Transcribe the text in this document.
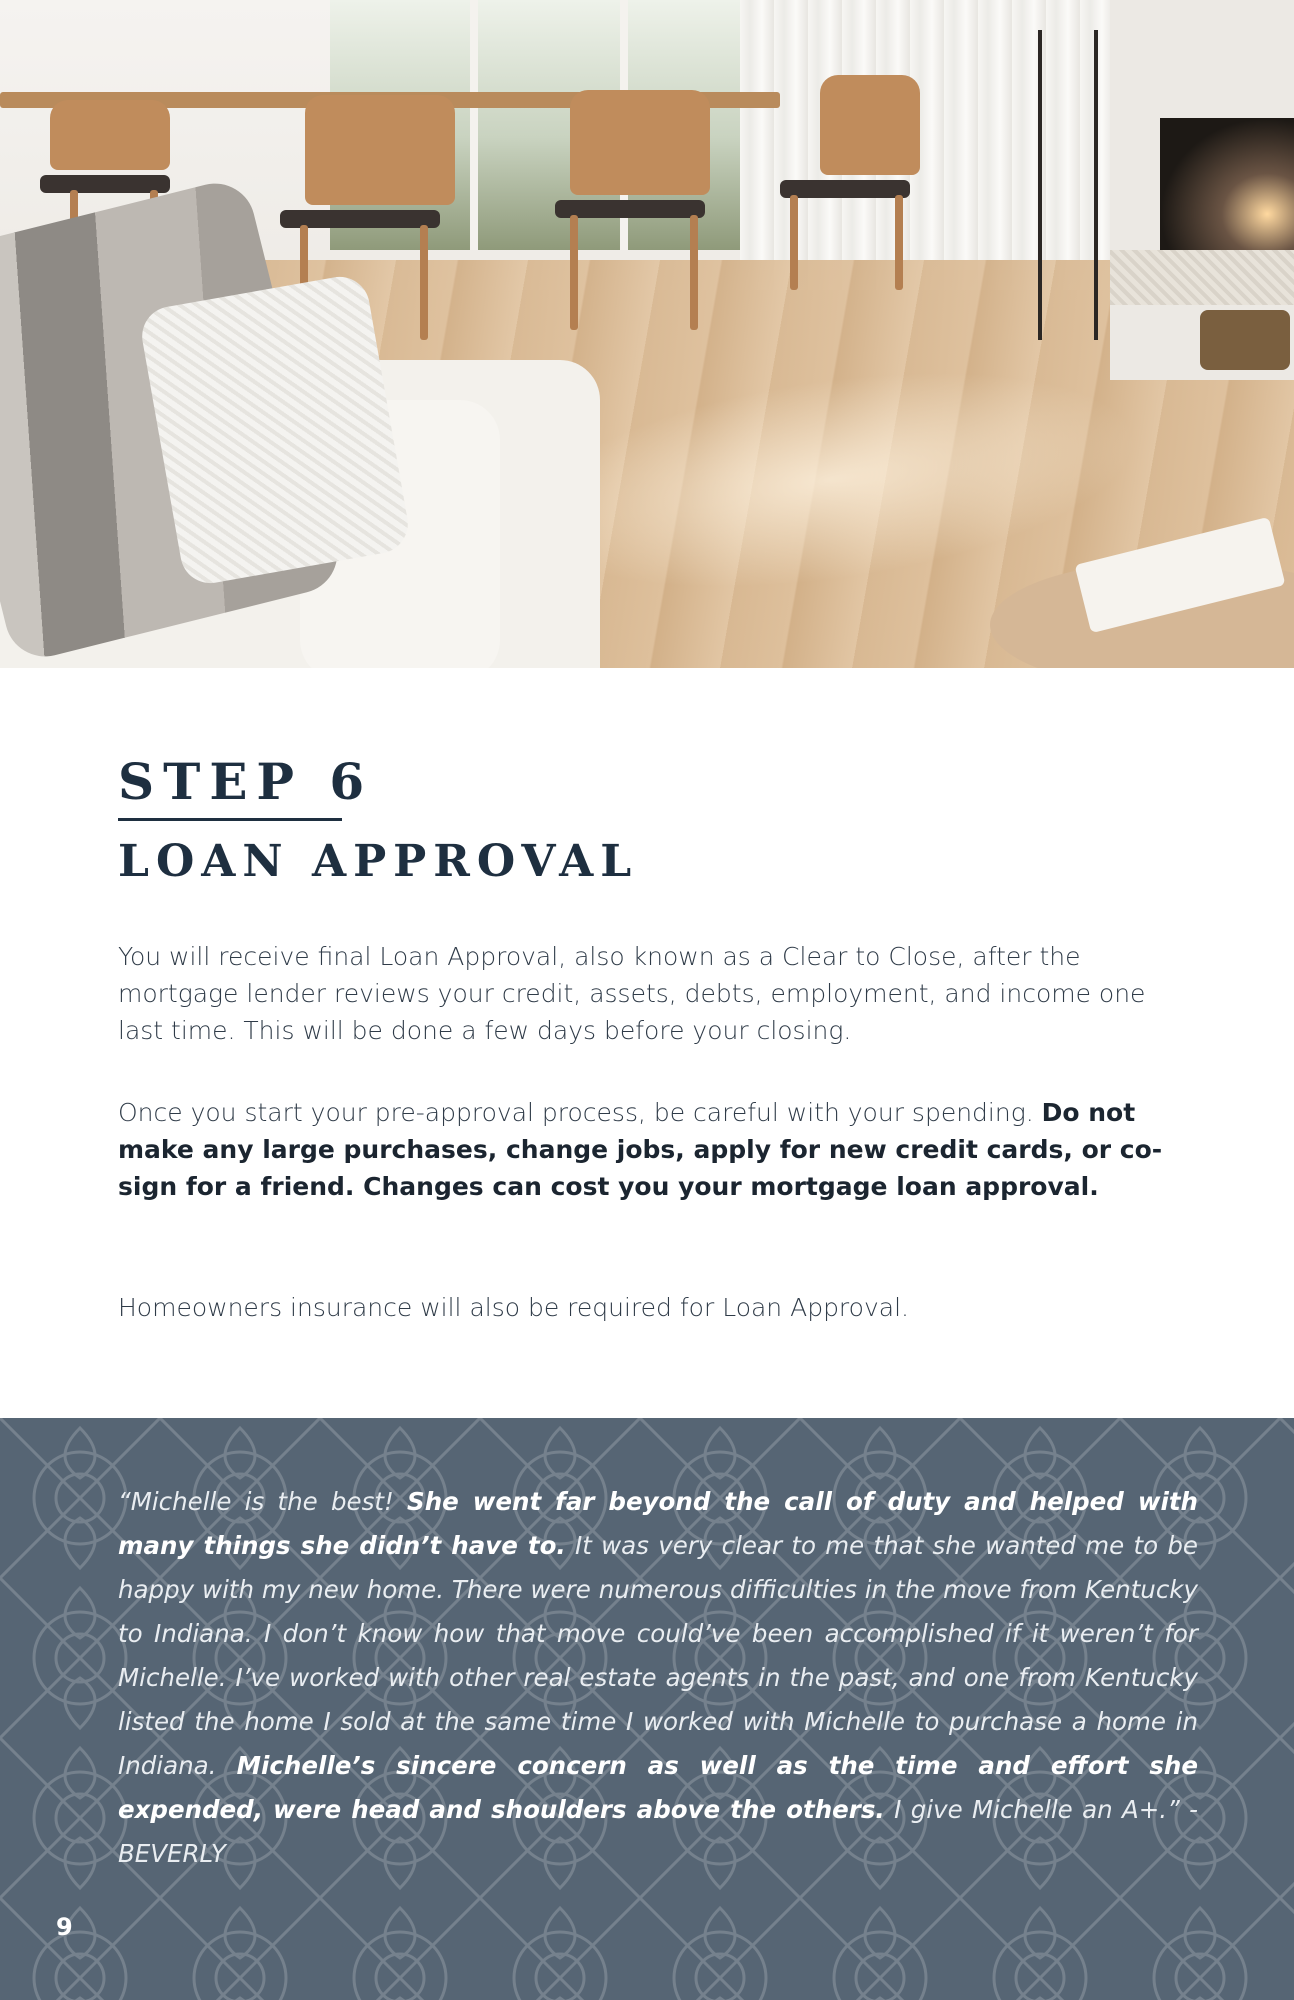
STEP 6
LOAN APPROVAL

You will receive final Loan Approval, also known as a Clear to Close, after the mortgage lender reviews your credit, assets, debts, employment, and income one last time. This will be done a few days before your closing.

Once you start your pre-approval process, be careful with your spending. Do not make any large purchases, change jobs, apply for new credit cards, or co-sign for a friend. Changes can cost you your mortgage loan approval.

Homeowners insurance will also be required for Loan Approval.

“Michelle is the best! She went far beyond the call of duty and helped with many things she didn’t have to. It was very clear to me that she wanted me to be happy with my new home. There were numerous difficulties in the move from Kentucky to Indiana. I don’t know how that move could’ve been accomplished if it weren’t for Michelle. I’ve worked with other real estate agents in the past, and one from Kentucky listed the home I sold at the same time I worked with Michelle to purchase a home in Indiana. Michelle’s sincere concern as well as the time and effort she expended, were head and shoulders above the others. I give Michelle an A+.” - BEVERLY

9
